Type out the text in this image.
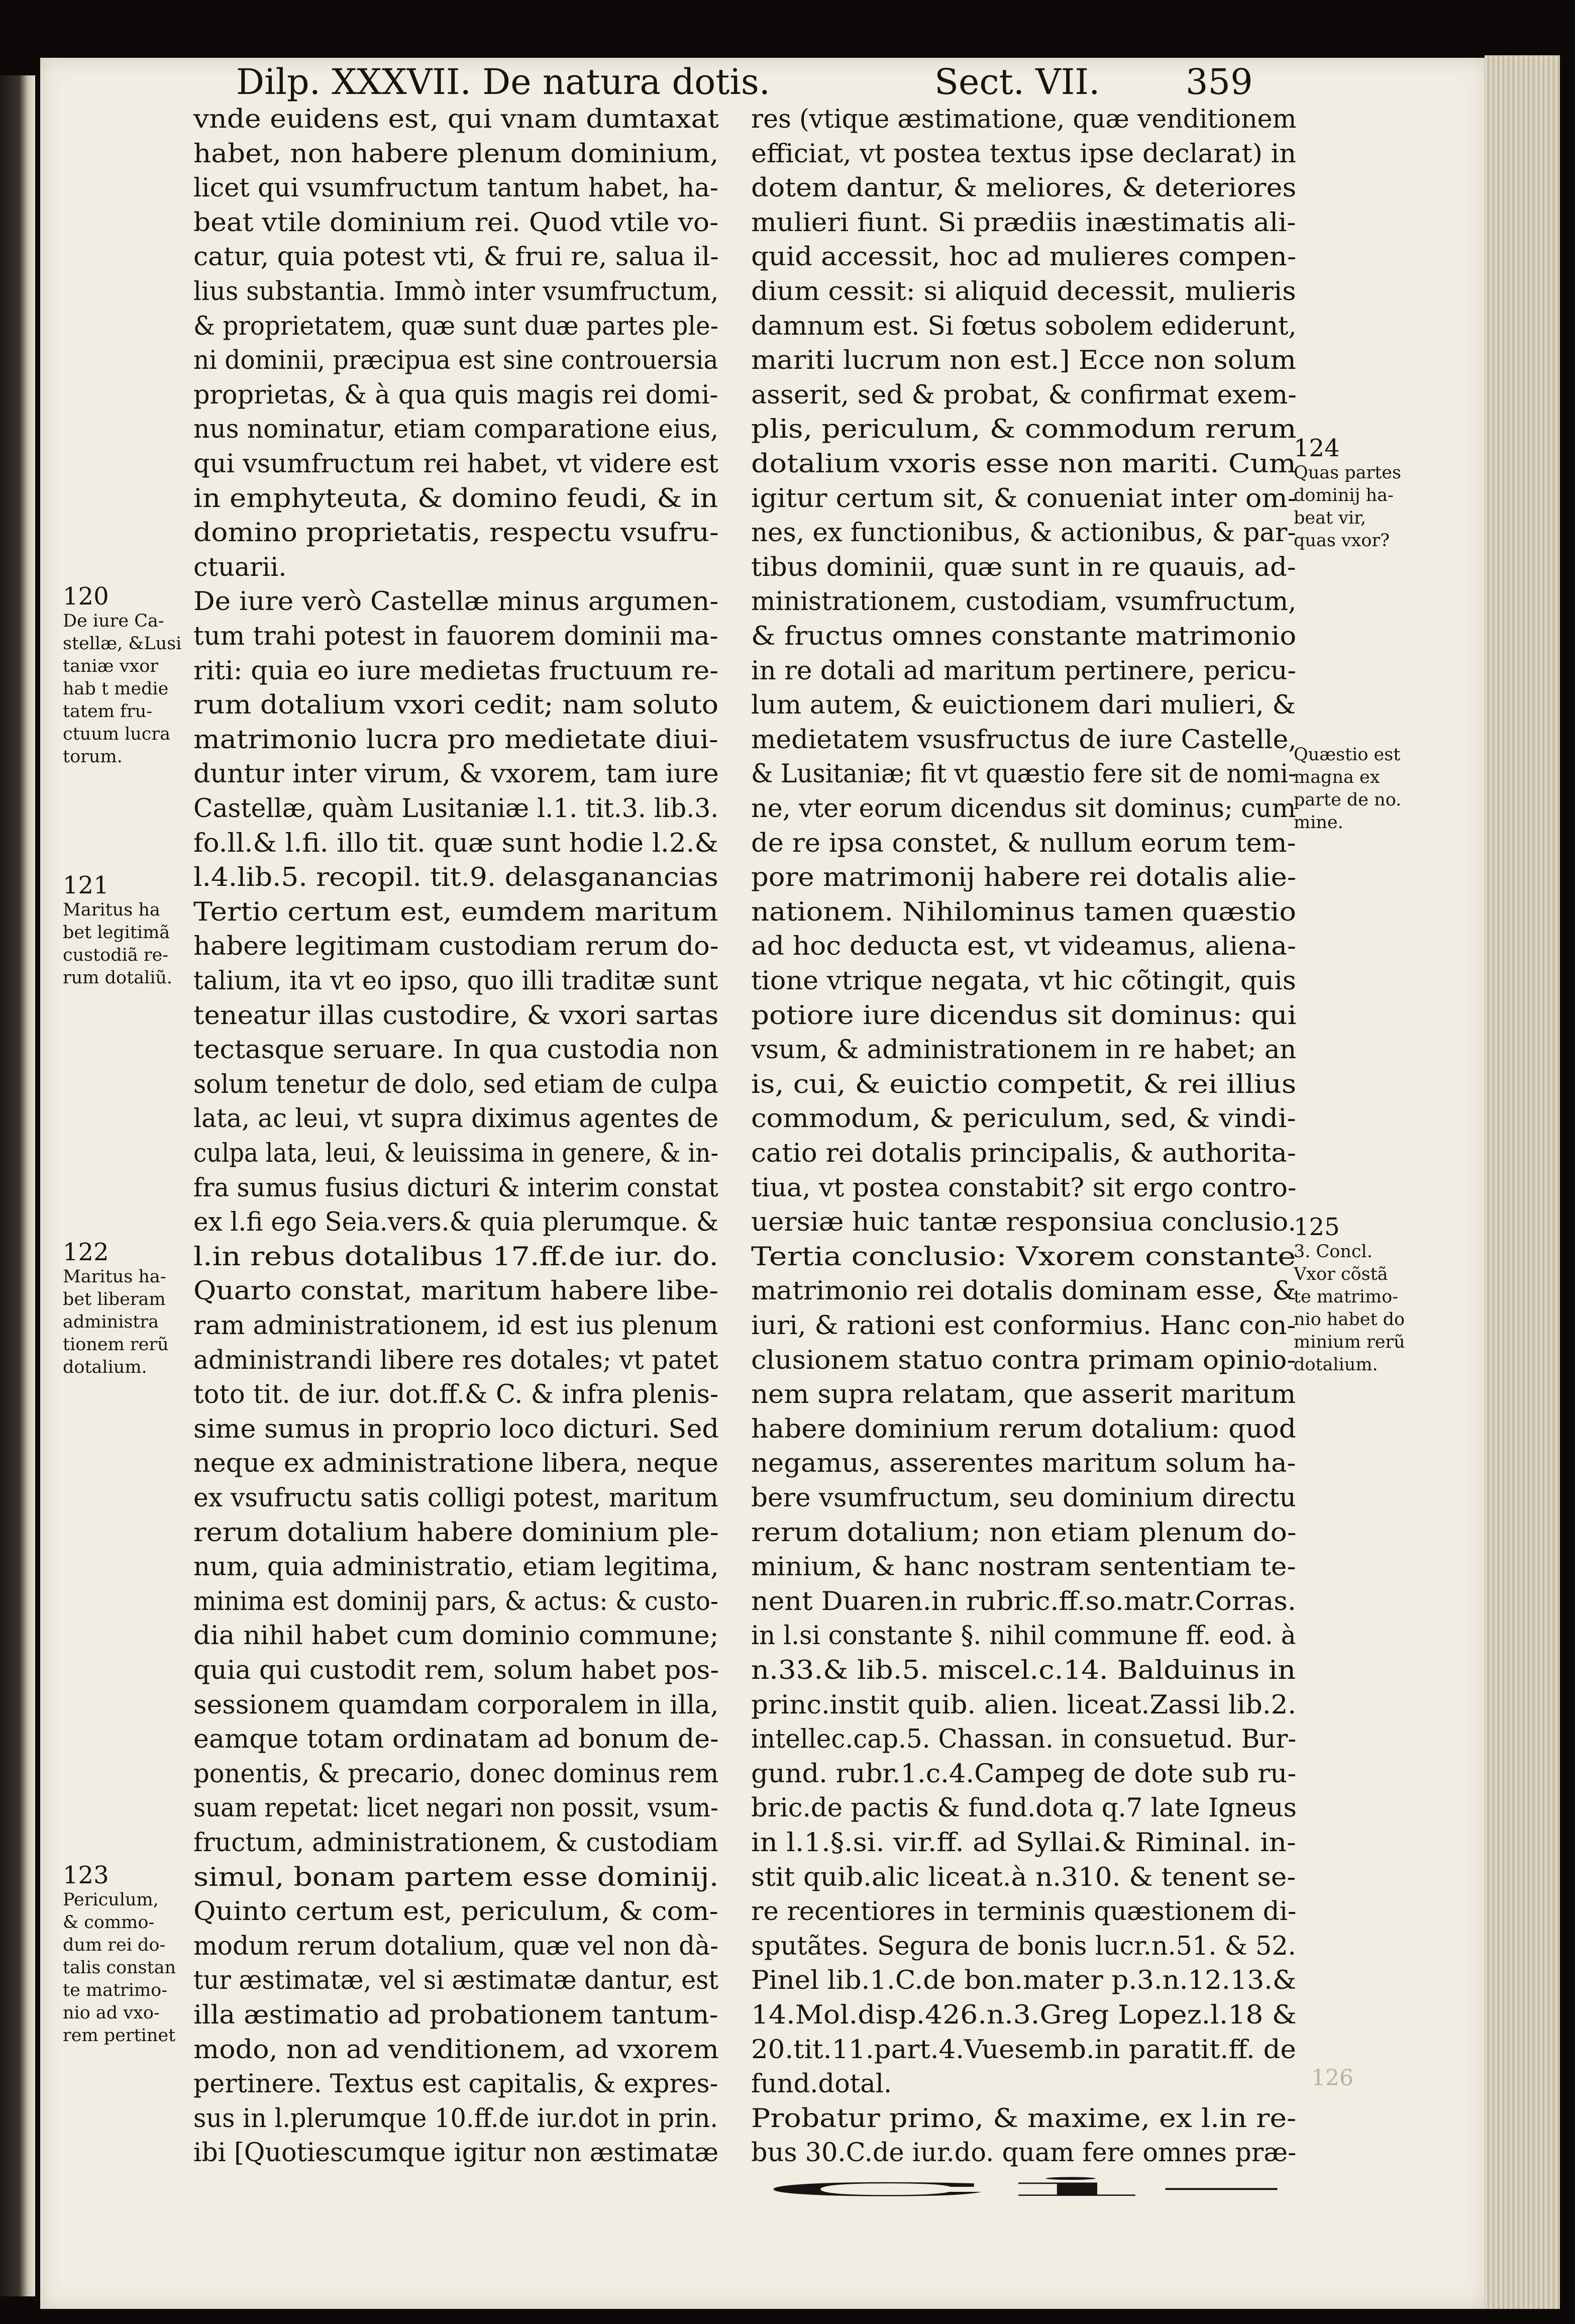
Dilp. XXXVII. De natura dotis.	Sect. VII. 359
vnde euidens est, qui vnam dumtaxat
habet, non habere plenum dominium,
licet qui vsumfructum tantum habet, ha-
beat vtile dominium rei. Quod vtile vo-
catur, quia potest vti, & frui re, salua il-
lius substantia. Immò inter vsumfructum,
& proprietatem, quæ sunt duæ partes ple-
ni dominii, præcipua est sine controuersia
proprietas, & à qua quis magis rei domi-
nus nominatur, etiam comparatione eius,
qui vsumfructum rei habet, vt videre est
in emphyteuta, & domino feudi, & in
domino proprietatis, respectu vsufru-
ctuarii.
De iure verò Castellæ minus argumen-
tum trahi potest in fauorem dominii ma-
riti: quia eo iure medietas fructuum re-
rum dotalium vxori cedit; nam soluto
matrimonio lucra pro medietate diui-
duntur inter virum, & vxorem, tam iure
Castellæ, quàm Lusitaniæ l.1. tit.3. lib.3.
fo.ll.& l.fi. illo tit. quæ sunt hodie l.2.&
l.4.lib.5. recopil. tit.9. delasganancias
Tertio certum est, eumdem maritum
habere legitimam custodiam rerum do-
talium, ita vt eo ipso, quo illi traditæ sunt
teneatur illas custodire, & vxori sartas
tectasque seruare. In qua custodia non
solum tenetur de dolo, sed etiam de culpa
lata, ac leui, vt supra diximus agentes de
culpa lata, leui, & leuissima in genere, & in-
fra sumus fusius dicturi & interim constat
ex l.fi ego Seia.vers.& quia plerumque. &
l.in rebus dotalibus 17.ff.de iur. do.
Quarto constat, maritum habere libe-
ram administrationem, id est ius plenum
administrandi libere res dotales; vt patet
toto tit. de iur. dot.ff.& C. & infra plenis-
sime sumus in proprio loco dicturi. Sed
neque ex administratione libera, neque
ex vsufructu satis colligi potest, maritum
rerum dotalium habere dominium ple-
num, quia administratio, etiam legitima,
minima est dominij pars, & actus: & custo-
dia nihil habet cum dominio commune;
quia qui custodit rem, solum habet pos-
sessionem quamdam corporalem in illa,
eamque totam ordinatam ad bonum de-
ponentis, & precario, donec dominus rem
suam repetat: licet negari non possit, vsum-
fructum, administrationem, & custodiam
simul, bonam partem esse dominij.
Quinto certum est, periculum, & com-
modum rerum dotalium, quæ vel non dà-
tur æstimatæ, vel si æstimatæ dantur, est
illa æstimatio ad probationem tantum-
modo, non ad venditionem, ad vxorem
pertinere. Textus est capitalis, & expres-
sus in l.plerumque 10.ff.de iur.dot in prin.
ibi [Quotiescumque igitur non æstimatæ
res (vtique æstimatione, quæ venditionem
efficiat, vt postea textus ipse declarat) in
dotem dantur, & meliores, & deteriores
mulieri fiunt. Si prædiis inæstimatis ali-
quid accessit, hoc ad mulieres compen-
dium cessit: si aliquid decessit, mulieris
damnum est. Si fœtus sobolem ediderunt,
mariti lucrum non est.] Ecce non solum
asserit, sed & probat, & confirmat exem-
plis, periculum, & commodum rerum
dotalium vxoris esse non mariti. Cum
igitur certum sit, & conueniat inter om-
nes, ex functionibus, & actionibus, & par-
tibus dominii, quæ sunt in re quauis, ad-
ministrationem, custodiam, vsumfructum,
& fructus omnes constante matrimonio
in re dotali ad maritum pertinere, pericu-
lum autem, & euictionem dari mulieri, &
medietatem vsusfructus de iure Castelle,
& Lusitaniæ; fit vt quæstio fere sit de nomi-
ne, vter eorum dicendus sit dominus; cum
de re ipsa constet, & nullum eorum tem-
pore matrimonij habere rei dotalis alie-
nationem. Nihilominus tamen quæstio
ad hoc deducta est, vt videamus, alienа-
tione vtrique negata, vt hic cõtingit, quis
potiore iure dicendus sit dominus: qui
vsum, & administrationem in re habet; an
is, cui, & euictio competit, & rei illius
commodum, & periculum, sed, & vindi-
catio rei dotalis principalis, & authorita-
tiua, vt postea constabit? sit ergo contro-
uersiæ huic tantæ responsiua conclusio.
Tertia conclusio: Vxorem constante
matrimonio rei dotalis dominam esse, &
iuri, & rationi est conformius. Hanc con-
clusionem statuo contra primam opinio-
nem supra relatam, que asserit maritum
habere dominium rerum dotalium: quod
negamus, asserentes maritum solum ha-
bere vsumfructum, seu dominium directu
rerum dotalium; non etiam plenum do-
minium, & hanc nostram sententiam te-
nent Duaren.in rubric.ff.so.matr.Corras.
in l.si constante §. nihil commune ff. eod. à
n.33.& lib.5. miscel.c.14. Balduinus in
princ.instit quib. alien. liceat.Zassi lib.2.
intellec.cap.5. Chassan. in consuetud. Bur-
gund. rubr.1.c.4.Campeg de dote sub ru-
bric.de pactis & fund.dota q.7 late Igneus
in l.1.§.si. vir.ff. ad Syllai.& Riminal. in-
stit quib.alic liceat.à n.310. & tenent se-
re recentiores in terminis quæstionem di-
sputãtes. Segura de bonis lucr.n.51. & 52.
Pinel lib.1.C.de bon.mater p.3.n.12.13.&
14.Mol.disp.426.n.3.Greg Lopez.l.18 &
20.tit.11.part.4.Vuesemb.in paratit.ff. de
fund.dotal.
Probatur primo, & maxime, ex l.in re-
bus 30.C.de iur.do. quam fere omnes præ-
ci-
120
De iure Ca-
stellæ, &Lusi
taniæ vxor
hab t medie
tatem fru-
ctuum lucra
torum.
121
Maritus ha
bet legitimã
custodiã re-
rum dotaliũ.
122
Maritus ha-
bet liberam
administra
tionem rerũ
dotalium.
123
Periculum,
& commo-
dum rei do-
talis constan
te matrimo-
nio ad vxo-
rem pertinet
124
Quas partes
dominij ha-
beat vir,
quas vxor?
Quæstio est
magna ex
parte de no.
mine.
125
3. Concl.
Vxor cõstã
te matrimo-
nio habet do
minium rerũ
dotalium.
126
